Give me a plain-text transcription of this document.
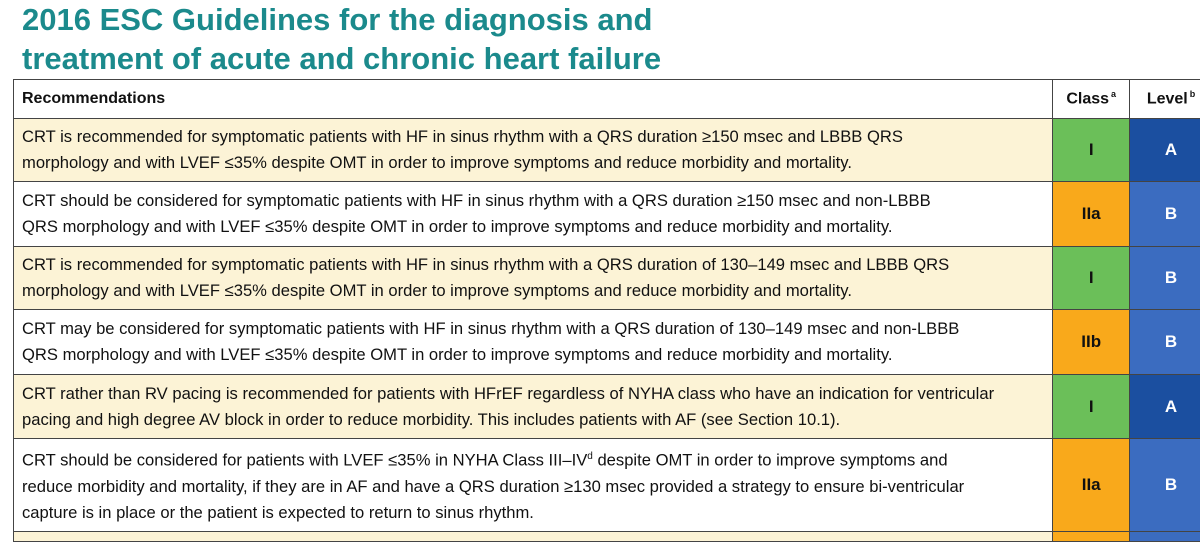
2016 ESC Guidelines for the diagnosis and
treatment of acute and chronic heart failure
Recommendations	Class $^a$	Level $^b$

CRT is recommended for symptomatic patients with HF in sinus rhythm with a QRS duration ≥150 msec and LBBB QRS
morphology and with LVEF ≤35% despite OMT in order to improve symptoms and reduce morbidity and mortality.	I	A

CRT should be considered for symptomatic patients with HF in sinus rhythm with a QRS duration ≥150 msec and non-LBBB
QRS morphology and with LVEF ≤35% despite OMT in order to improve symptoms and reduce morbidity and mortality.	IIa	B

CRT is recommended for symptomatic patients with HF in sinus rhythm with a QRS duration of 130–149 msec and LBBB QRS
morphology and with LVEF ≤35% despite OMT in order to improve symptoms and reduce morbidity and mortality.	I	B

CRT may be considered for symptomatic patients with HF in sinus rhythm with a QRS duration of 130–149 msec and non-LBBB
QRS morphology and with LVEF ≤35% despite OMT in order to improve symptoms and reduce morbidity and mortality.	IIb	B

CRT rather than RV pacing is recommended for patients with HFrEF regardless of NYHA class who have an indication for ventricular
pacing and high degree AV block in order to reduce morbidity. This includes patients with AF (see Section 10.1).	I	A

CRT should be considered for patients with LVEF ≤35% in NYHA Class III–$IV^d$ despite OMT in order to improve symptoms and
reduce morbidity and mortality, if they are in AF and have a QRS duration ≥130 msec provided a strategy to ensure bi-ventricular
capture is in place or the patient is expected to return to sinus rhythm.	IIa	B
